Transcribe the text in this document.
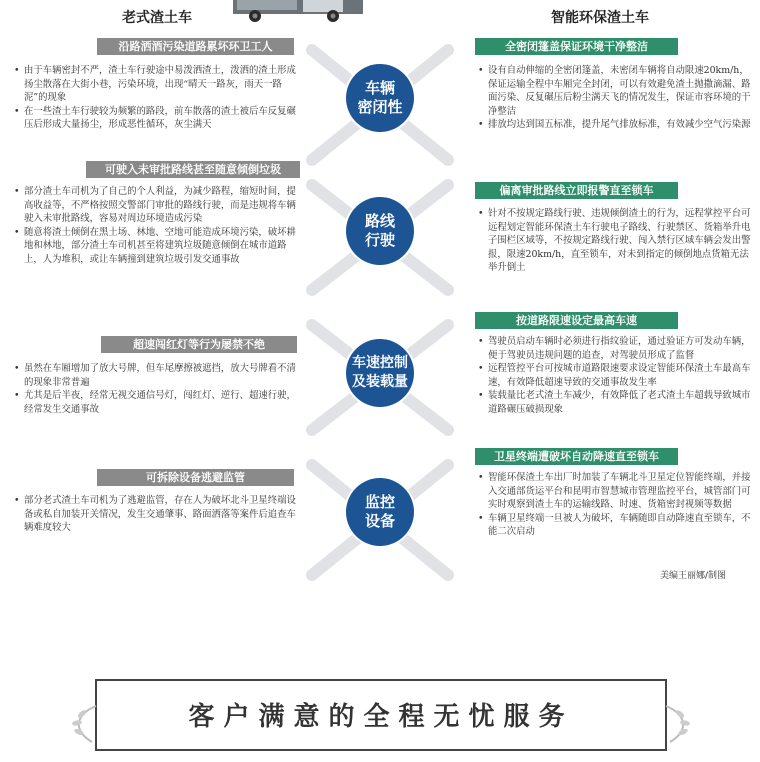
老式渣土车	智能环保渣土车
沿路洒酒污染道路累坏环卫工人
• 由于车辆密封不严，渣土车行驶途中易泼洒渣土，泼洒的渣土形成扬尘散落在大街小巷，污染环境，出现“晴天一路灰，雨天一路泥”的现象
• 在一些渣土车行驶较为频繁的路段，前车散落的渣土被后车反复碾压后形成大量扬尘，形成恶性循环，灰尘满天
车辆
密闭性
全密闭篷盖保证环境干净整洁
• 设有自动伸缩的全密闭篷盖，未密闭车辆将自动限速20km/h，保证运输全程中车厢完全封闭，可以有效避免渣土抛撒滴漏、路面污染、反复碾压后粉尘满天飞的情况发生，保证市容环境的干净整洁
• 排放均达到国五标准，提升尾气排放标准，有效减少空气污染源
可驶入未审批路线甚至随意倾倒垃圾
• 部分渣土车司机为了自己的个人利益，为减少路程，缩短时间，提高收益等，不严格按照交警部门审批的路线行驶，而是违规将车辆驶入未审批路线，容易对周边环境造成污染
• 随意将渣土倾倒在黑土场、林地、空地可能造成环境污染，破坏耕地和林地，部分渣土车司机甚至将建筑垃圾随意倾倒在城市道路上，人为堆积，或让车辆撞到建筑垃圾引发交通事故
路线
行驶
偏离审批路线立即报警直至锁车
• 针对不按规定路线行驶、违规倾倒渣土的行为，远程掌控平台可远程划定智能环保渣土车行驶电子路线、行驶禁区、货箱举升电子围栏区域等，不按规定路线行驶、闯入禁行区域车辆会发出警报，限速20km/h，直至锁车，对未到指定的倾倒地点货箱无法举升倒土
超速闯红灯等行为屡禁不绝
• 虽然在车厢增加了放大号牌，但车尾摩擦被遮挡，放大号牌看不清的现象非常普遍
• 尤其是后半夜，经常无视交通信号灯，闯红灯、逆行、超速行驶，经常发生交通事故
车速控制
及装载量
按道路限速设定最高车速
• 驾驶员启动车辆时必须进行指纹验证，通过验证方可发动车辆，便于驾驶员违规问题的追查，对驾驶员形成了监督
• 远程管控平台可按城市道路限速要求设定智能环保渣土车最高车速，有效降低超速导致的交通事故发生率
• 装载量比老式渣土车减少，有效降低了老式渣土车超载导致城市道路碾压破损现象
可拆除设备逃避监管
• 部分老式渣土车司机为了逃避监管，存在人为破坏北斗卫星终端设备或私自加装开关情况，发生交通肇事、路面洒落等案件后追查车辆难度较大
监控
设备
卫星终端遭破坏自动降速直至锁车
• 智能环保渣土车出厂时加装了车辆北斗卫星定位智能终端，并接入交通部货运平台和昆明市智慧城市管理监控平台，城管部门可实时观察到渣土车的运输线路、时速、货箱密封视频等数据
• 车辆卫星终端一旦被人为破坏，车辆随即自动降速直至锁车，不能二次启动
美编王丽娜/制图
客户满意的全程无忧服务
